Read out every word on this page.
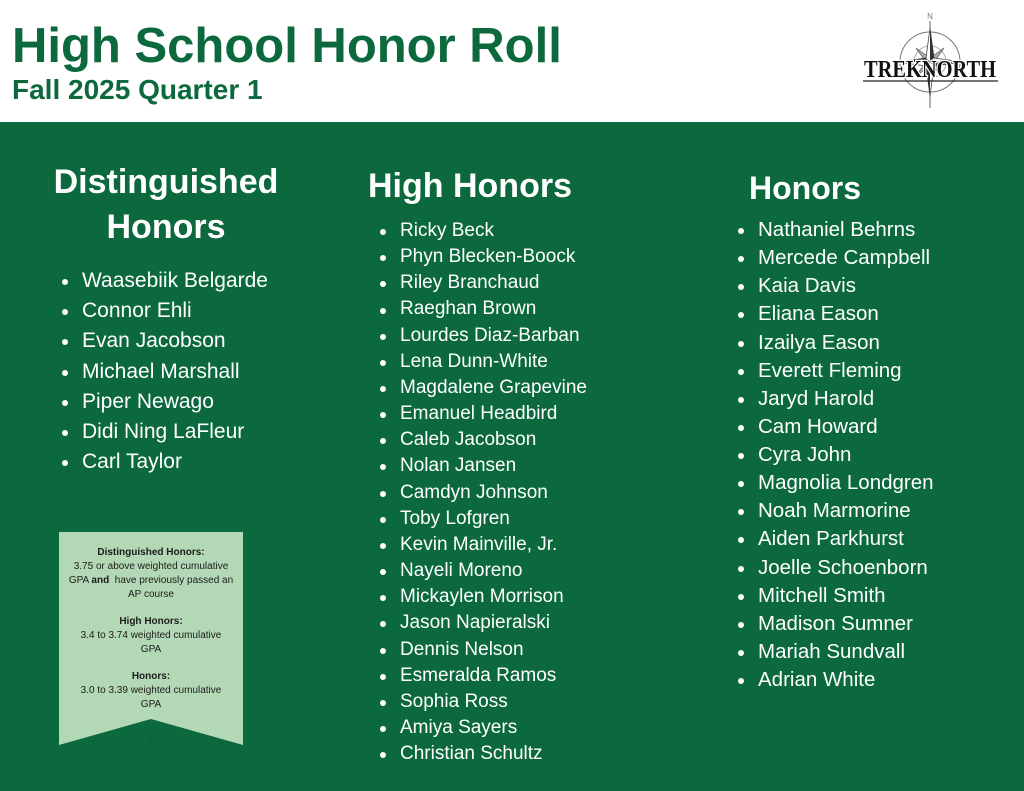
High School Honor Roll
Fall 2025 Quarter 1
N
TREKNORTH
Distinguished Honors
Waasebiik Belgarde
Connor Ehli
Evan Jacobson
Michael Marshall
Piper Newago
Didi Ning LaFleur
Carl Taylor
Distinguished Honors:

3.75 or above weighted cumulative GPA and  have previously passed an AP course

High Honors:

3.4 to 3.74 weighted cumulative GPA

Honors:

3.0 to 3.39 weighted cumulative GPA

.
High Honors
Ricky Beck
Phyn Blecken-Boock
Riley Branchaud
Raeghan Brown
Lourdes Diaz-Barban
Lena Dunn-White
Magdalene Grapevine
Emanuel Headbird
Caleb Jacobson
Nolan Jansen
Camdyn Johnson
Toby Lofgren
Kevin Mainville, Jr.
Nayeli Moreno
Mickaylen Morrison
Jason Napieralski
Dennis Nelson
Esmeralda Ramos
Sophia Ross
Amiya Sayers
Christian Schultz
Honors
Nathaniel Behrns
Mercede Campbell
Kaia Davis
Eliana Eason
Izailya Eason
Everett Fleming
Jaryd Harold
Cam Howard
Cyra John
Magnolia Londgren
Noah Marmorine
Aiden Parkhurst
Joelle Schoenborn
Mitchell Smith
Madison Sumner
Mariah Sundvall
Adrian White
